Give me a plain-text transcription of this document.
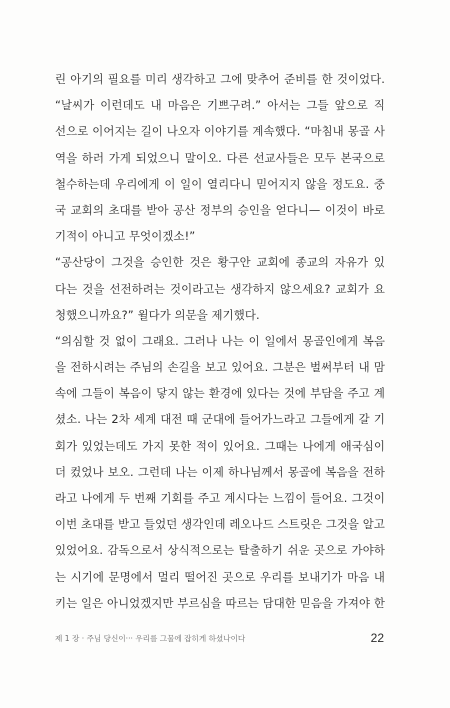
린 아기의 필요를 미리 생각하고 그에 맞추어 준비를 한 것이었다.
“날씨가 이런데도 내 마음은 기쁘구려.” 아서는 그들 앞으로 직
선으로 이어지는 길이 나오자 이야기를 계속했다. “마침내 몽골 사
역을 하러 가게 되었으니 말이오. 다른 선교사들은 모두 본국으로
철수하는데 우리에게 이 일이 열리다니 믿어지지 않을 정도요. 중
국 교회의 초대를 받아 공산 정부의 승인을 얻다니— 이것이 바로
기적이 아니고 무엇이겠소!”
“공산당이 그것을 승인한 것은 황구안 교회에 종교의 자유가 있
다는 것을 선전하려는 것이라고는 생각하지 않으세요? 교회가 요
청했으니까요?” 윌다가 의문을 제기했다.
“의심할 것 없이 그래요. 그러나 나는 이 일에서 몽골인에게 복음
을 전하시려는 주님의 손길을 보고 있어요. 그분은 벌써부터 내 맘
속에 그들이 복음이 닿지 않는 환경에 있다는 것에 부담을 주고 계
셨소. 나는 2차 세계 대전 때 군대에 들어가느라고 그들에게 갈 기
회가 있었는데도 가지 못한 적이 있어요. 그때는 나에게 애국심이
더 컸었나 보오. 그런데 나는 이제 하나님께서 몽골에 복음을 전하
라고 나에게 두 번째 기회를 주고 계시다는 느낌이 들어요. 그것이
이번 초대를 받고 들었던 생각인데 레오나드 스트릿은 그것을 알고
있었어요. 감독으로서 상식적으로는 탈출하기 쉬운 곳으로 가야하
는 시기에 문명에서 멀리 떨어진 곳으로 우리를 보내기가 마음 내
키는 일은 아니었겠지만 부르심을 따르는 담대한 믿음을 가져야 한
제 1 장 · 주님 당신이··· 우리를 그물에 잡히게 하셨나이다	22
